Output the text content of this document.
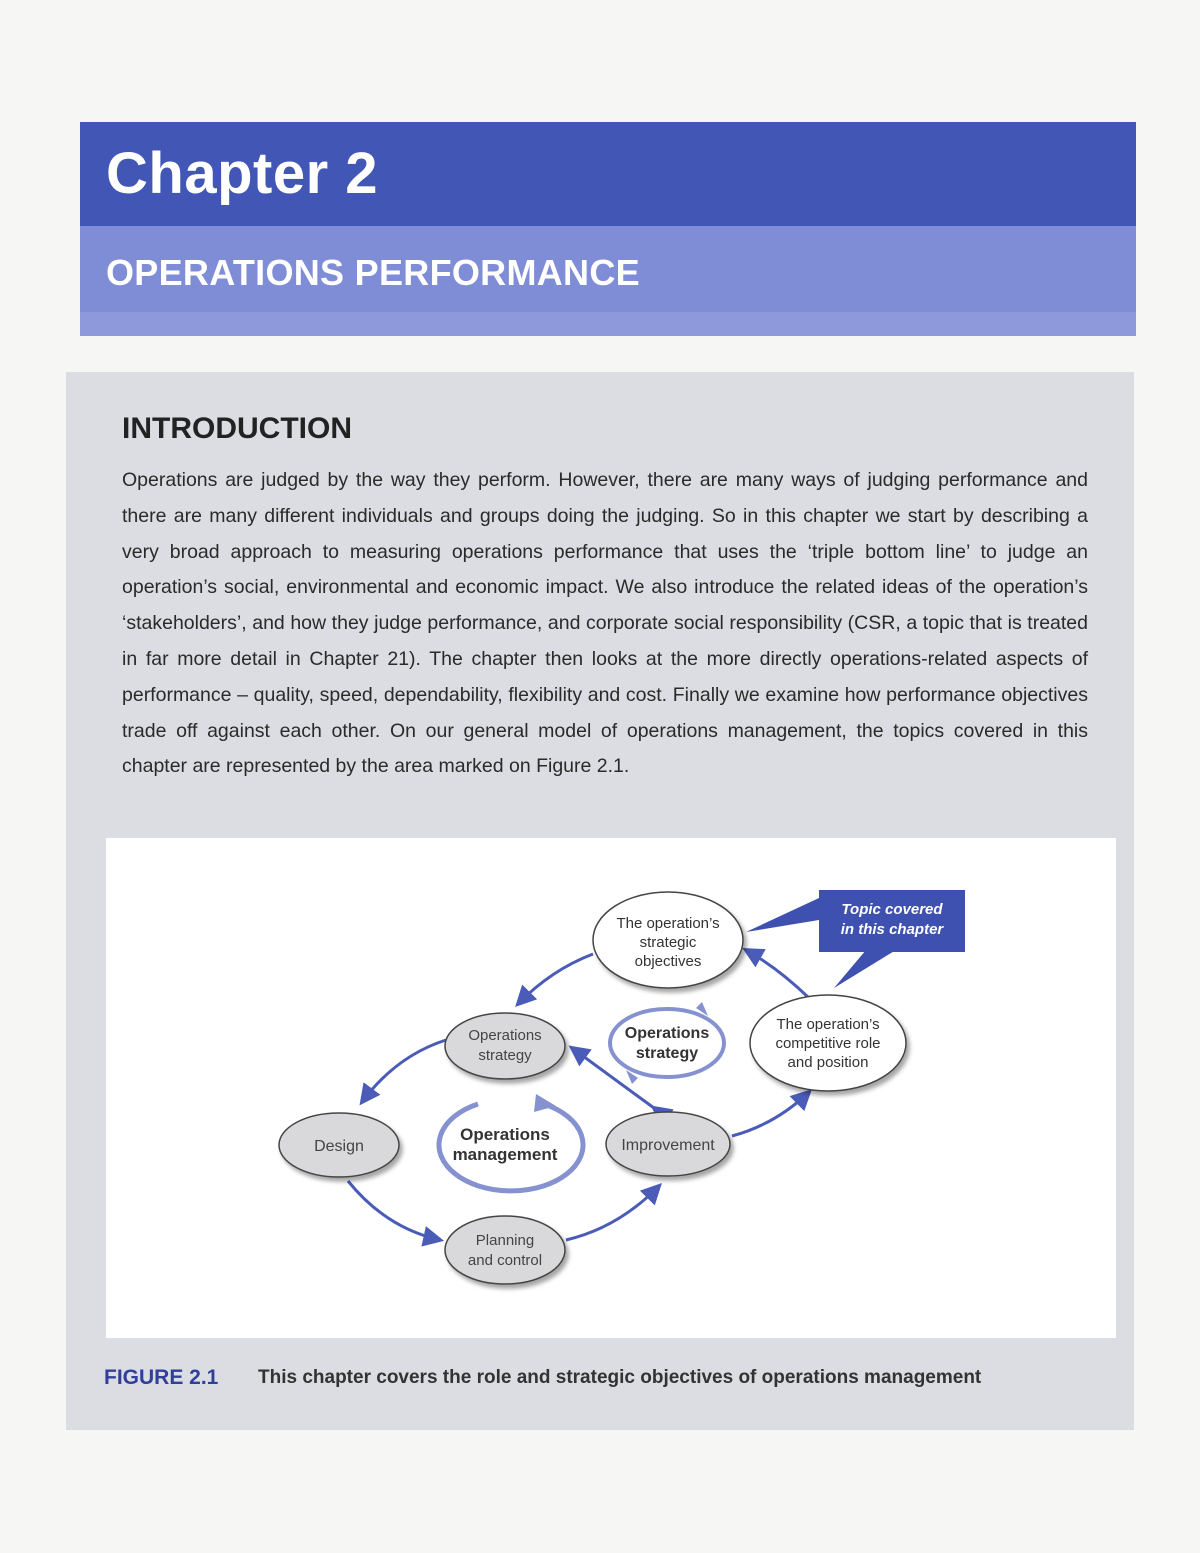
Chapter 2
OPERATIONS PERFORMANCE
INTRODUCTION

Operations are judged by the way they perform. However, there are many ways of judging performance and there are many different individuals and groups doing the judging. So in this chapter we start by describing a very broad approach to measuring operations performance that uses the ‘triple bottom line’ to judge an operation’s social, environmental and economic impact. We also introduce the related ideas of the operation’s ‘stakeholders’, and how they judge performance, and corporate social responsibility (CSR, a topic that is treated in far more detail in Chapter 21). The chapter then looks at the more directly operations-related aspects of performance – quality, speed, dependability, flexibility and cost. Finally we examine how performance objectives trade off against each other. On our general model of operations management, the topics covered in this chapter are represented by the area marked on Figure 2.1.

Topic covered
in this chapter
The operation’s
strategic
objectives
The operation’s
competitive role
and position
Operations
strategy
Design	Improvement
Planning
and control
Operations
strategy
Operations
management
FIGURE 2.1 This chapter covers the role and strategic objectives of operations management
